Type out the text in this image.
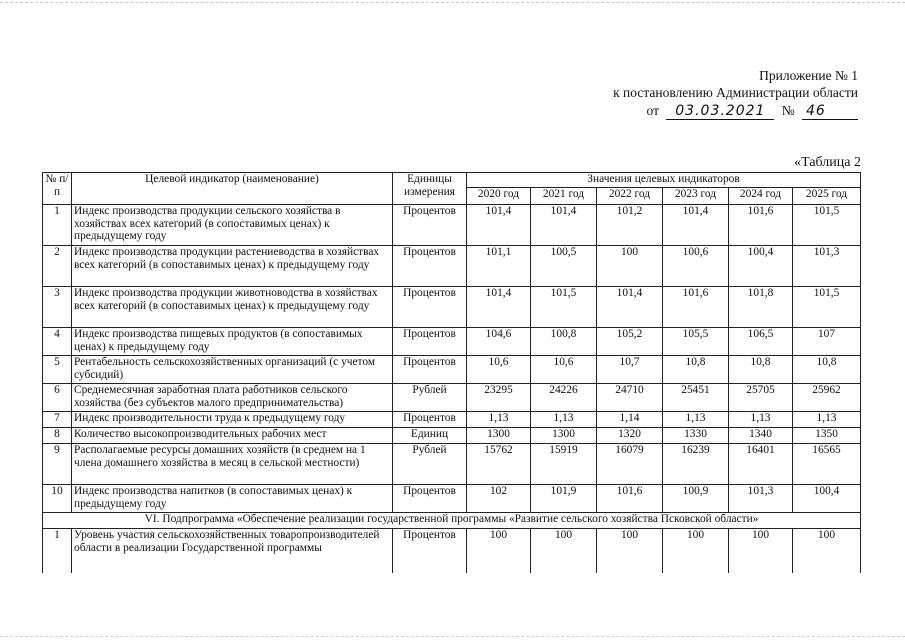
Приложение № 1
к постановлению Администрации области
от 03.03.2021 № 46
«Таблица 2
№ п/п	Целевой индикатор (наименование)	Единицы измерения	Значения целевых индикаторов					
			2020 год	2021 год	2022 год	2023 год	2024 год	2025 год
1	Индекс производства продукции сельского хозяйства в хозяйствах всех категорий (в сопоставимых ценах) к предыдущему году	Процентов	101,4	101,4	101,2	101,4	101,6	101,5
2	Индекс производства продукции растениеводства в хозяйствах всех категорий (в сопоставимых ценах) к предыдущему году	Процентов	101,1	100,5	100	100,6	100,4	101,3
3	Индекс производства продукции животноводства в хозяйствах всех категорий (в сопоставимых ценах) к предыдущему году	Процентов	101,4	101,5	101,4	101,6	101,8	101,5
4	Индекс производства пищевых продуктов (в сопоставимых ценах) к предыдущему году	Процентов	104,6	100,8	105,2	105,5	106,5	107
5	Рентабельность сельскохозяйственных организаций (с учетом субсидий)	Процентов	10,6	10,6	10,7	10,8	10,8	10,8
6	Среднемесячная заработная плата работников сельского хозяйства (без субъектов малого предпринимательства)	Рублей	23295	24226	24710	25451	25705	25962
7	Индекс производительности труда к предыдущему году	Процентов	1,13	1,13	1,14	1,13	1,13	1,13
8	Количество высокопроизводительных рабочих мест	Единиц	1300	1300	1320	1330	1340	1350
9	Располагаемые ресурсы домашних хозяйств (в среднем на 1 члена домашнего хозяйства в месяц в сельской местности)	Рублей	15762	15919	16079	16239	16401	16565
10	Индекс производства напитков (в сопоставимых ценах) к предыдущему году	Процентов	102	101,9	101,6	100,9	101,3	100,4
VI. Подпрограмма «Обеспечение реализации государственной программы «Развитие сельского хозяйства Псковской области»								
1	Уровень участия сельскохозяйственных товаропроизводителей области в реализации Государственной программы	Процентов	100	100	100	100	100	100
